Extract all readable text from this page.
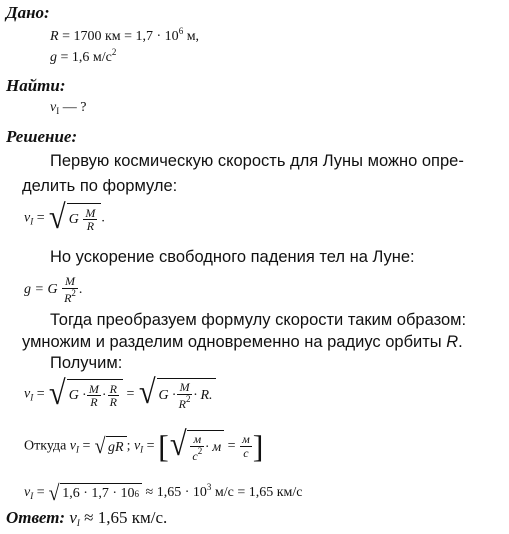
Дано:
R = 1700 км = $1,7 \cdot 10^6$ м,
g = 1,6 $м/с^2$
Найти:
$v_I$ — ?
Решение:
Первую космическую скорость для Луны можно опре-
делить по формуле:
$v_I$ = √ G
$\frac{M}{R}$ .
Но ускорение свободного падения тел на Луне:
g = G $\frac{M}{R^2}$ .
Тогда преобразуем формулу скорости таким образом:
умножим и разделим одновременно на радиус орбиты R.
Получим:
$v_I$ = √ $G \cdot \frac{M}{R} \cdot \frac{R}{R}$ = √ $G \cdot \frac{M}{R^2} \cdot R$.
Откуда $v_I$ = √ gR ; $v_I$ = [ √ $\frac{м}{c^2} \cdot м = \frac{м}{с}$ ]
$v_I$ = √ 1,6 · 1,7 · 10 $6 \approx 1,65 \cdot 10^3$ м/с = 1,65 км/с
Ответ: $v_I \approx 1,65$ км/с.
